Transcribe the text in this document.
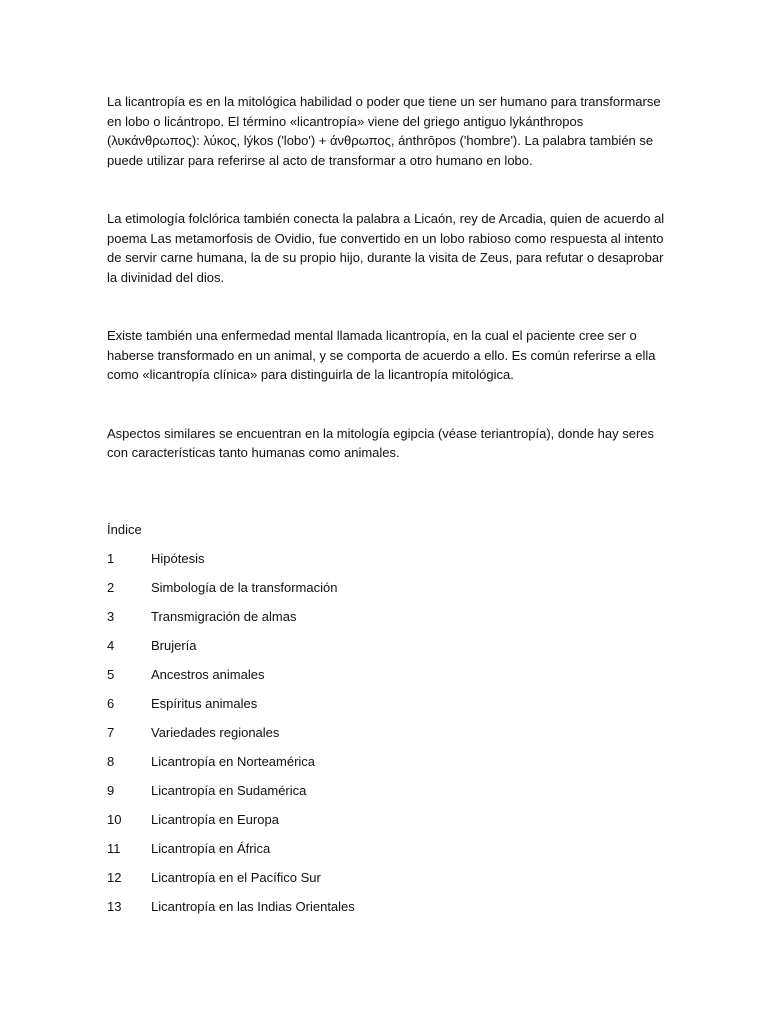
La licantropía es en la mitológica habilidad o poder que tiene un ser humano para transformarse en lobo o licántropo. El término «licantropía» viene del griego antiguo lykánthropos (λυκάνθρωπος): λύκος, lýkos ('lobo') + άνθρωπος, ánthrōpos ('hombre'). La palabra también se puede utilizar para referirse al acto de transformar a otro humano en lobo.

La etimología folclórica también conecta la palabra a Licaón, rey de Arcadia, quien de acuerdo al poema Las metamorfosis de Ovidio, fue convertido en un lobo rabioso como respuesta al intento de servir carne humana, la de su propio hijo, durante la visita de Zeus, para refutar o desaprobar la divinidad del dios.

Existe también una enfermedad mental llamada licantropía, en la cual el paciente cree ser o haberse transformado en un animal, y se comporta de acuerdo a ello. Es común referirse a ella como «licantropía clínica» para distinguirla de la licantropía mitológica.

Aspectos similares se encuentran en la mitología egipcia (véase teriantropía), donde hay seres con características tanto humanas como animales.

Índice

1	Hipótesis
2	Simbología de la transformación
3	Transmigración de almas
4	Brujería
5	Ancestros animales
6	Espíritus animales
7	Variedades regionales
8	Licantropía en Norteamérica
9	Licantropía en Sudamérica
10	Licantropía en Europa
11	Licantropía en África
12	Licantropía en el Pacífico Sur
13	Licantropía en las Indias Orientales
